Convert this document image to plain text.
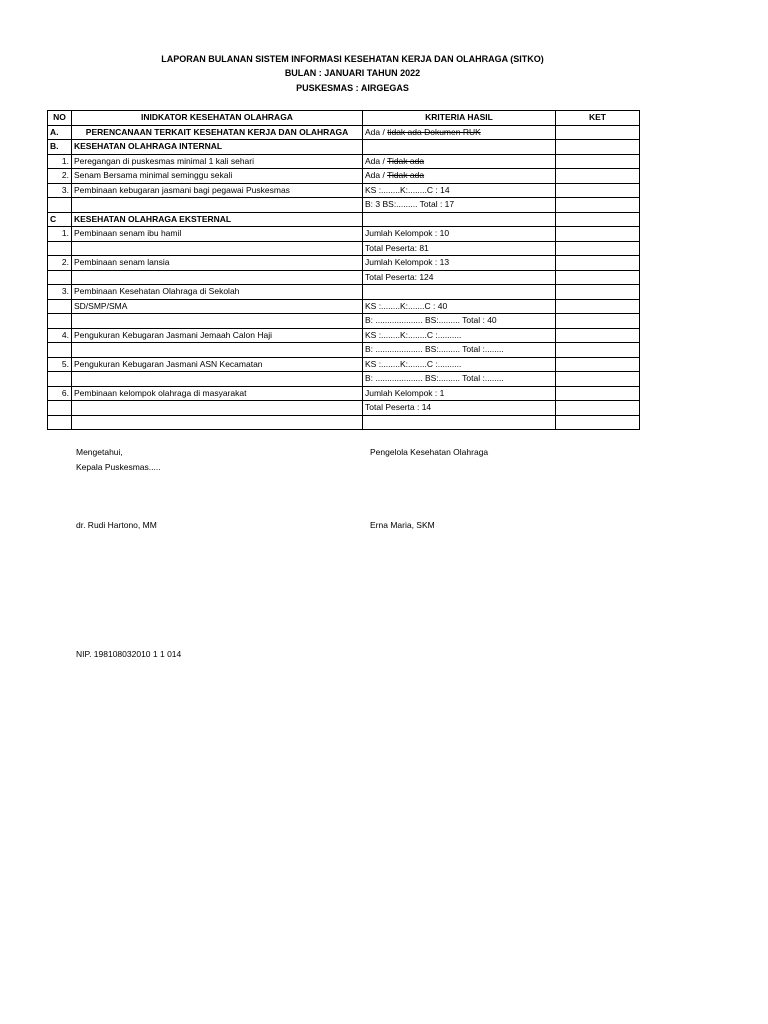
LAPORAN BULANAN SISTEM INFORMASI KESEHATAN KERJA DAN OLAHRAGA (SITKO)
BULAN : JANUARI TAHUN 2022
PUSKESMAS : AIRGEGAS
NO	INIDKATOR KESEHATAN OLAHRAGA	KRITERIA HASIL	KET
A.	PERENCANAAN TERKAIT KESEHATAN KERJA DAN OLAHRAGA	Ada / tidak ada Dokumen RUK	
B.	KESEHATAN OLAHRAGA INTERNAL		
1.	Peregangan di puskesmas minimal 1 kali sehari	Ada / Tidak ada	
2.	Senam Bersama minimal seminggu sekali	Ada / Tidak ada	
3.	Pembinaan kebugaran jasmani bagi pegawai Puskesmas	KS :........K:........C : 14	
		B: 3 BS:......... Total : 17	
C	KESEHATAN OLAHRAGA EKSTERNAL		
1.	Pembinaan senam ibu hamil	Jumlah Kelompok : 10	
		Total Peserta: 81	
2.	Pembinaan senam lansia	Jumlah Kelompok : 13	
		Total Peserta: 124	
3.	Pembinaan Kesehatan Olahraga di Sekolah		
	SD/SMP/SMA	KS :........K:.......C : 40	
		B: .................... BS:......... Total : 40	
4.	Pengukuran Kebugaran Jasmani Jemaah Calon Haji	KS :........K:........C :..........	
		B: .................... BS:......... Total :........	
5.	Pengukuran Kebugaran Jasmani ASN Kecamatan	KS :........K:........C :..........	
		B: .................... BS:......... Total :........	
6.	Pembinaan kelompok olahraga di masyarakat	Jumlah Kelompok : 1	
		Total Peserta : 14	

Mengetahui,
Kepala Puskesmas.....
Pengelola Kesehatan Olahraga
dr. Rudi Hartono, MM	Erna Maria, SKM
NIP. 198108032010 1 1 014
